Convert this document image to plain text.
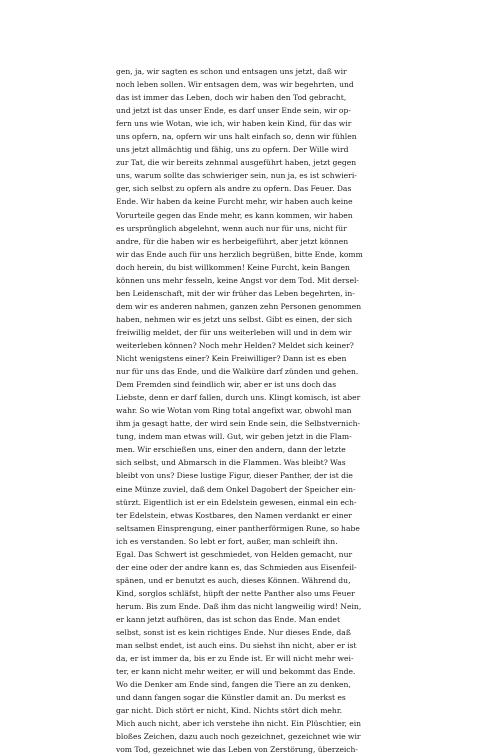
gen, ja, wir sagten es schon und entsagen uns jetzt, daß wir
noch leben sollen. Wir entsagen dem, was wir begehrten, und
das ist immer das Leben, doch wir haben den Tod gebracht,
und jetzt ist das unser Ende, es darf unser Ende sein, wir op-
fern uns wie Wotan, wie ich, wir haben kein Kind, für das wir
uns opfern, na, opfern wir uns halt einfach so, denn wir fühlen
uns jetzt allmächtig und fähig, uns zu opfern. Der Wille wird
zur Tat, die wir bereits zehnmal ausgeführt haben, jetzt gegen
uns, warum sollte das schwieriger sein, nun ja, es ist schwieri-
ger, sich selbst zu opfern als andre zu opfern. Das Feuer. Das
Ende. Wir haben da keine Furcht mehr, wir haben auch keine
Vorurteile gegen das Ende mehr, es kann kommen, wir haben
es ursprünglich abgelehnt, wenn auch nur für uns, nicht für
andre, für die haben wir es herbeigeführt, aber jetzt können
wir das Ende auch für uns herzlich begrüßen, bitte Ende, komm
doch herein, du bist willkommen! Keine Furcht, kein Bangen
können uns mehr fesseln, keine Angst vor dem Tod. Mit dersel-
ben Leidenschaft, mit der wir früher das Leben begehrten, in-
dem wir es anderen nahmen, ganzen zehn Personen genommen
haben, nehmen wir es jetzt uns selbst. Gibt es einen, der sich
freiwillig meldet, der für uns weiterleben will und in dem wir
weiterleben können? Noch mehr Helden? Meldet sich keiner?
Nicht wenigstens einer? Kein Freiwilliger? Dann ist es eben
nur für uns das Ende, und die Walküre darf zünden und gehen.
Dem Fremden sind feindlich wir, aber er ist uns doch das
Liebste, denn er darf fallen, durch uns. Klingt komisch, ist aber
wahr. So wie Wotan vom Ring total angefixt war, obwohl man
ihm ja gesagt hatte, der wird sein Ende sein, die Selbstvernich-
tung, indem man etwas will. Gut, wir geben jetzt in die Flam-
men. Wir erschießen uns, einer den andern, dann der letzte
sich selbst, und Abmarsch in die Flammen. Was bleibt? Was
bleibt von uns? Diese lustige Figur, dieser Panther, der ist die
eine Münze zuviel, daß dem Onkel Dagobert der Speicher ein-
stürzt. Eigentlich ist er ein Edelstein gewesen, einmal ein ech-
ter Edelstein, etwas Kostbares, den Namen verdankt er einer
seltsamen Einsprengung, einer pantherförmigen Rune, so habe
ich es verstanden. So lebt er fort, außer, man schleift ihn.
Egal. Das Schwert ist geschmiedet, von Helden gemacht, nur
der eine oder der andre kann es, das Schmieden aus Eisenfeil-
spänen, und er benutzt es auch, dieses Können. Während du,
Kind, sorglos schläfst, hüpft der nette Panther also ums Feuer
herum. Bis zum Ende. Daß ihm das nicht langweilig wird! Nein,
er kann jetzt aufhören, das ist schon das Ende. Man endet
selbst, sonst ist es kein richtiges Ende. Nur dieses Ende, daß
man selbst endet, ist auch eins. Du siehst ihn nicht, aber er ist
da, er ist immer da, bis er zu Ende ist. Er will nicht mehr wei-
ter, er kann nicht mehr weiter, er will und bekommt das Ende.
Wo die Denker am Ende sind, fangen die Tiere an zu denken,
und dann fangen sogar die Künstler damit an. Du merkst es
gar nicht. Dich stört er nicht, Kind. Nichts stört dich mehr.
Mich auch nicht, aber ich verstehe ihn nicht. Ein Plüschtier, ein
bloßes Zeichen, dazu auch noch gezeichnet, gezeichnet wie wir
vom Tod, gezeichnet wie das Leben von Zerstörung, überzeich-
